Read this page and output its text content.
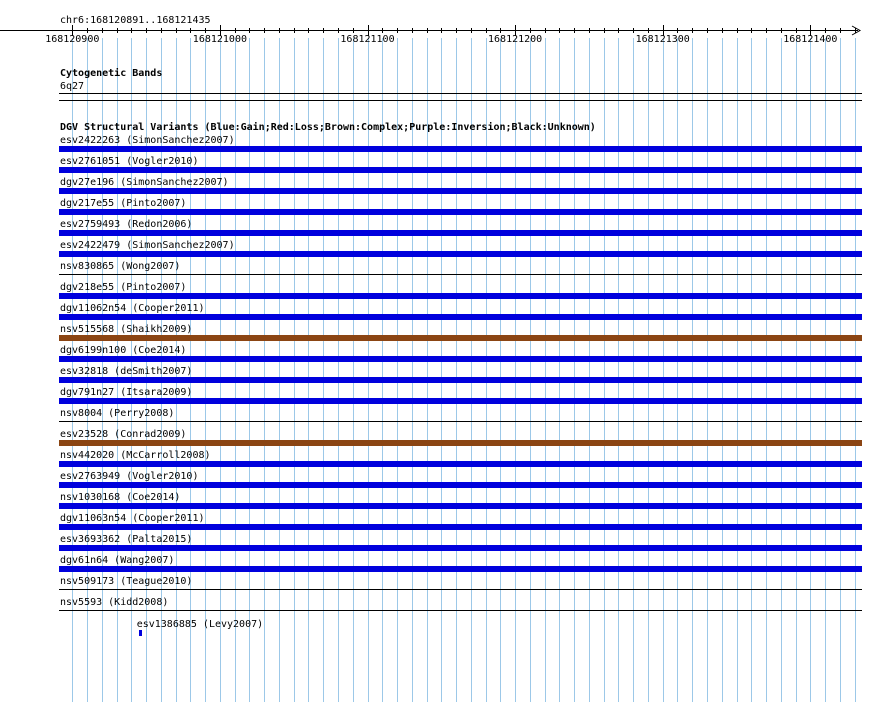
chr6:168120891..168121435
168120900	168121000	168121100	168121200	168121300	168121400
Cytogenetic Bands
6q27
DGV Structural Variants (Blue:Gain;Red:Loss;Brown:Complex;Purple:Inversion;Black:Unknown)
esv2422263 (SimonSanchez2007)
esv2761051 (Vogler2010)
dgv27e196 (SimonSanchez2007)
dgv217e55 (Pinto2007)
esv2759493 (Redon2006)
esv2422479 (SimonSanchez2007)
nsv830865 (Wong2007)
dgv218e55 (Pinto2007)
dgv11062n54 (Cooper2011)
nsv515568 (Shaikh2009)
dgv6199n100 (Coe2014)
esv32818 (deSmith2007)
dgv791n27 (Itsara2009)
nsv8004 (Perry2008)
esv23528 (Conrad2009)
nsv442020 (McCarroll2008)
esv2763949 (Vogler2010)
nsv1030168 (Coe2014)
dgv11063n54 (Cooper2011)
esv3693362 (Palta2015)
dgv61n64 (Wang2007)
nsv509173 (Teague2010)
nsv5593 (Kidd2008)
esv1386885 (Levy2007)
